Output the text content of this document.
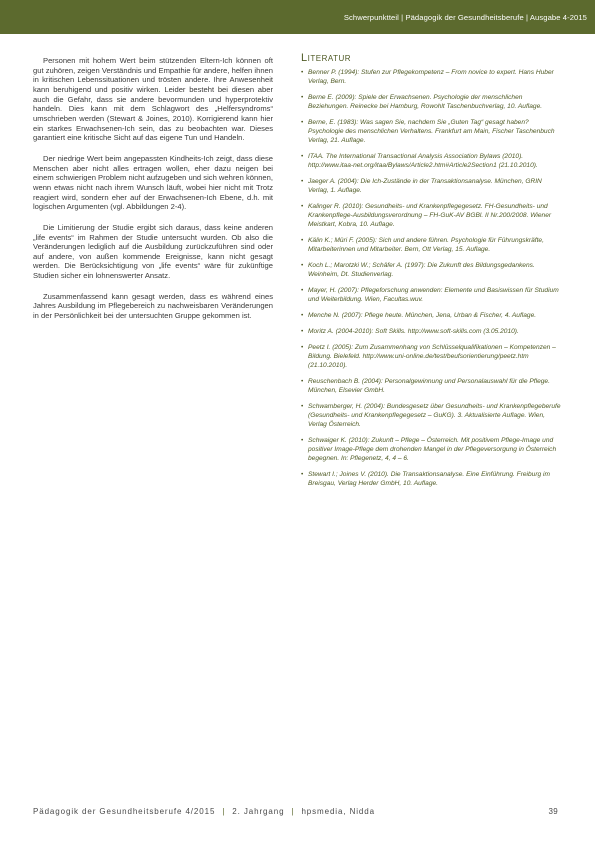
Schwerpunktteil | Pädagogik der Gesundheitsberufe | Ausgabe 4-2015

Personen mit hohem Wert beim stützenden Eltern-Ich können oft gut zuhören, zeigen Verständnis und Empathie für andere, helfen ihnen in kritischen Lebenssituationen und trösten andere. Ihre Anwesenheit kann beruhigend und positiv wirken. Leider besteht bei diesen aber auch die Gefahr, dass sie andere bevormunden und hyperprotektiv handeln. Dies kann mit dem Schlagwort des „Helfersyndroms“ umschrieben werden (Stewart & Joines, 2010). Korrigierend kann hier ein starkes Erwachsenen-Ich sein, das zu beobachten war. Dieses garantiert eine kritische Sicht auf das eigene Tun und Handeln.

Der niedrige Wert beim angepassten Kindheits-Ich zeigt, dass diese Menschen aber nicht alles ertragen wollen, eher dazu neigen bei einem schwierigen Problem nicht aufzugeben und sich wehren können, wenn etwas nicht nach ihrem Wunsch läuft, wobei hier nicht mit Trotz reagiert wird, sondern eher auf der Erwachsenen-Ich Ebene, d.h. mit logischen Argumenten (vgl. Abbildungen 2-4).

Die Limitierung der Studie ergibt sich daraus, dass keine anderen „life events“ im Rahmen der Studie untersucht wurden. Ob also die Veränderungen lediglich auf die Ausbildung zurückzuführen sind oder auf andere, von außen kommende Ereignisse, kann nicht gesagt werden. Die Berücksichtigung von „life events“ wäre für zukünftige Studien sicher ein lohnenswerter Ansatz.

Zusammenfassend kann gesagt werden, dass es während eines Jahres Ausbildung im Pflegebereich zu nachweisbaren Veränderungen in der Persönlichkeit bei der untersuchten Gruppe gekommen ist.

Literatur
• Benner P. (1994): Stufen zur Pflegekompetenz – From novice to expert. Hans Huber Verlag, Bern.
• Berne E. (2009): Spiele der Erwachsenen. Psychologie der menschlichen Beziehungen. Reinecke bei Hamburg, Rowohlt Taschenbuchverlag, 10. Auflage.
• Berne, E. (1983): Was sagen Sie, nachdem Sie „Guten Tag“ gesagt haben? Psychologie des menschlichen Verhaltens. Frankfurt am Main, Fischer Taschenbuch Verlag, 21. Auflage.
• ITAA. The International Transactional Analysis Association Bylaws (2010). http://www.itaa-net.org/itaa/Bylaws/Article2.htm#Article2Section1 (21.10.2010).
• Jaeger A. (2004): Die Ich-Zustände in der Transaktionsanalyse. München, GRIN Verlag, 1. Auflage.
• Kalinger R. (2010): Gesundheits- und Krankenpflegegesetz. FH-Gesundheits- und Krankenpflege-Ausbildungsverordnung – FH-GuK-AV BGBl. II Nr.200/2008. Wiener Meistkart, Kobra, 10. Auflage.
• Kälin K.; Müri F. (2005): Sich und andere führen. Psychologie für Führungskräfte, Mitarbeiterinnen und Mitarbeiter. Bern, Ott Verlag, 15. Auflage.
• Koch L.; Marotzki W.; Schäfer A. (1997): Die Zukunft des Bildungsgedankens. Weinheim, Dt. Studienverlag.
• Mayer, H. (2007): Pflegeforschung anwenden: Elemente und Basiswissen für Studium und Weiterbildung. Wien, Facultas.wuv.
• Menche N. (2007): Pflege heute. München, Jena, Urban & Fischer, 4. Auflage.
• Moritz A. (2004-2010): Soft Skills. http://www.soft-skills.com (3.05.2010).
• Peetz I. (2005): Zum Zusammenhang von Schlüsselqualifikationen – Kompetenzen – Bildung. Bielefeld. http://www.uni-online.de/test/beufsorientierung/peetz.htm (21.10.2010).
• Reuschenbach B. (2004): Personalgewinnung und Personalauswahl für die Pflege. München, Elsevier GmbH.
• Schwamberger, H. (2004): Bundesgesetz über Gesundheits- und Krankenpflegeberufe (Gesundheits- und Krankenpflegegesetz – GuKG). 3. Aktualisierte Auflage. Wien, Verlag Österreich.
• Schwaiger K. (2010): Zukunft – Pflege – Österreich. Mit positivem Pflege-Image und positiver Image-Pflege dem drohenden Mangel in der Pflegeversorgung in Österreich begegnen. In: Pflegenetz, 4, 4 – 6.
• Stewart I.; Joines V. (2010). Die Transaktionsanalyse. Eine Einführung. Freiburg im Breisgau, Verlag Herder GmbH, 10. Auflage.
Pädagogik der Gesundheitsberufe 4/2015 | 2. Jahrgang | hpsmedia, Nidda	39
